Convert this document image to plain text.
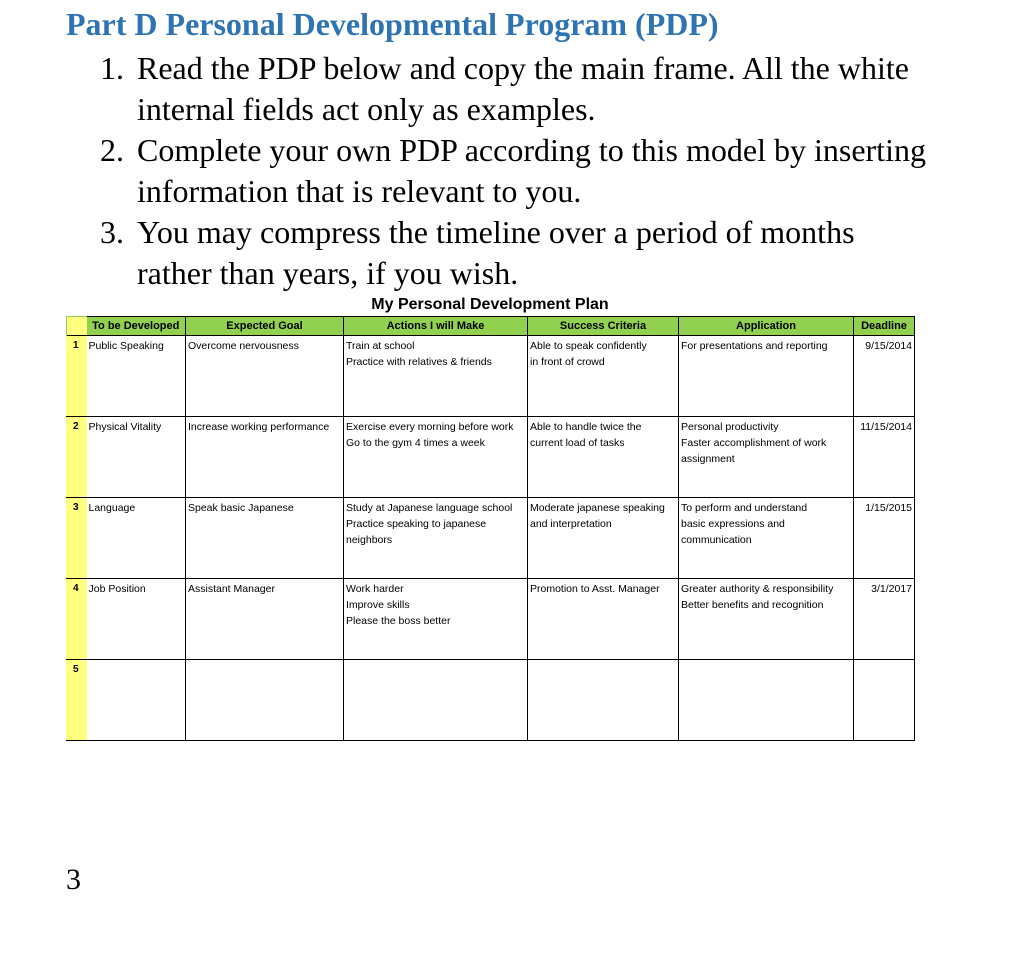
Part D Personal Developmental Program (PDP)
1. Read the PDP below and copy the main frame. All the white internal fields act only as examples.
2. Complete your own PDP according to this model by inserting information that is relevant to you.
3. You may compress the timeline over a period of months rather than years, if you wish.
My Personal Development Plan
	To be Developed	Expected Goal	Actions I will Make	Success Criteria	Application	Deadline
1	Public Speaking	Overcome nervousness	Train at school
Practice with relatives & friends	Able to speak confidently
in front of crowd	For presentations and reporting	9/15/2014
2	Physical Vitality	Increase working performance	Exercise every morning before work
Go to the gym 4 times a week	Able to handle twice the
current load of tasks	Personal productivity
Faster accomplishment of work
assignment	11/15/2014
3	Language	Speak basic Japanese	Study at Japanese language school
Practice speaking to japanese
neighbors	Moderate japanese speaking
and interpretation	To perform and understand
basic expressions and
communication	1/15/2015
4	Job Position	Assistant Manager	Work harder
Improve skills
Please the boss better	Promotion to Asst. Manager	Greater authority & responsibility
Better benefits and recognition	3/1/2017
5						
3
